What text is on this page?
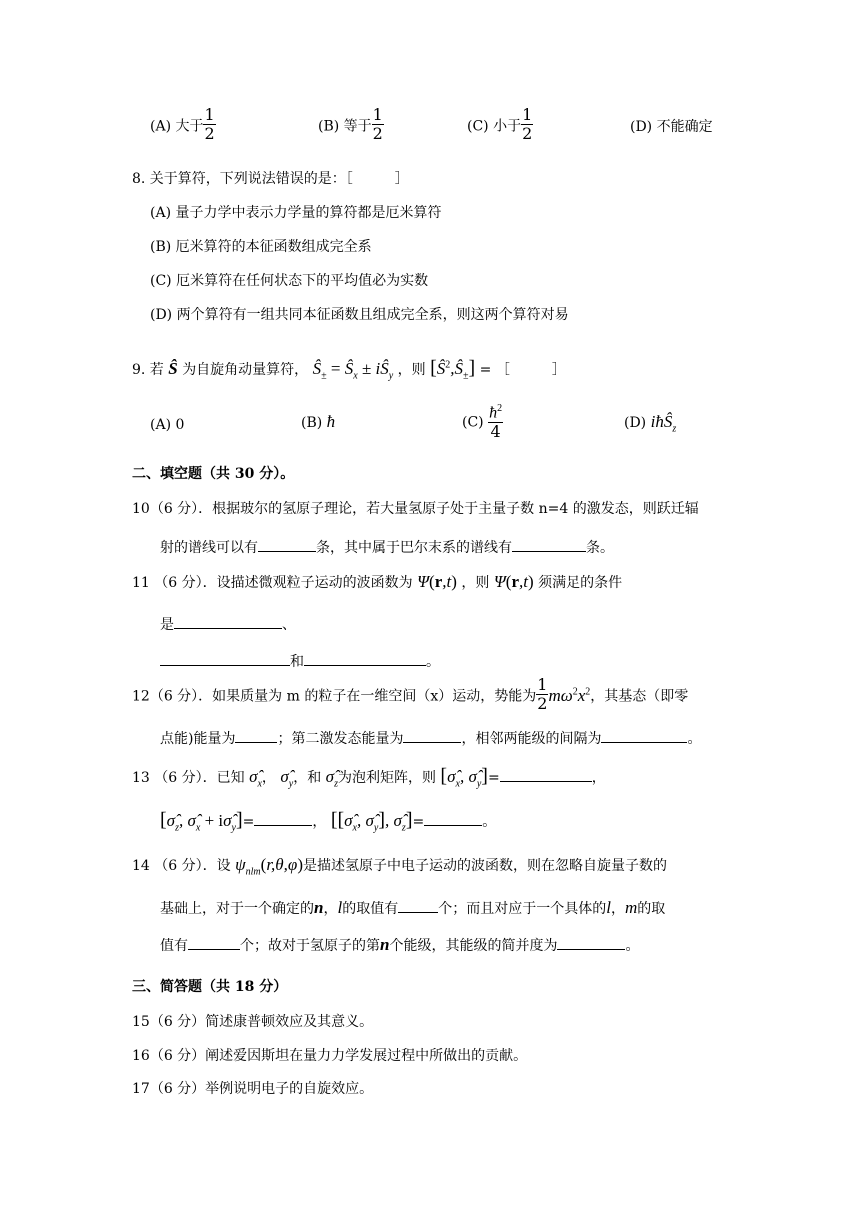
(A) 大于 $\frac{1}{2}$	(B) 等于 $\frac{1}{2}$	(C) 小于 $\frac{1}{2}$	(D) 不能确定
8. 关于算符，下列说法错误的是：［　　　］
(A) 量子力学中表示力学量的算符都是厄米算符
(B) 厄米算符的本征函数组成完全系
(C) 厄米算符在任何状态下的平均值必为实数
(D) 两个算符有一组共同本征函数且组成完全系，则这两个算符对易
9. 若 Ŝ 为自旋角动量算符， $Ŝ_\pm$ = $Ŝ_x$ ± $iŜ_y$ ，则 $[Ŝ^2,Ŝ_\pm]$ = ［　　　］
(A) 0	(B) ħ	$(C) \frac{ħ^2}{4}$	(D) iħŜ$_z$
二、填空题（共 30 分）。
10（6 分）．根据玻尔的氢原子理论，若大量氢原子处于主量子数 n=4 的激发态，则跃迁辐
射的谱线可以有	条，其中属于巴尔末系的谱线有	条。
11 （6 分）．设描述微观粒子运动的波函数为 Ψ(r,t) ，则 Ψ(r,t) 须满足的条件
是	、
和	。
12（6 分）．如果质量为 m 的粒子在一维空间（x）运动，势能为 $\frac{1}{2} m\omega^2x^2$，其基态（即零
点能)能量为	；第二激发态能量为	，相邻两能级的间隔为	。
13 （6 分）．已知 $\sigmâ_x$， $\sigmâ_y$，和 $\sigmâ_z$为泡利矩阵，则 [$\sigmâ_x$, $\sigmâ_y]=$	，
[$\sigmâ_z$, $\sigmâ_x$ + $i\sigmâ_y]=$	， [[$\sigmâ_x$, $\sigmâ_y$], $\sigmâ_z]=$	。
14 （6 分）．设 $\psi_{nlm}(r,\theta,\varphi)$是描述氢原子中电子运动的波函数，则在忽略自旋量子数的
基础上，对于一个确定的n，l的取值有	个；而且对应于一个具体的l，m的取
值有	个；故对于氢原子的第n个能级，其能级的简并度为	。
三、简答题（共 18 分）
15（6 分）简述康普顿效应及其意义。
16（6 分）阐述爱因斯坦在量力力学发展过程中所做出的贡献。
17（6 分）举例说明电子的自旋效应。
